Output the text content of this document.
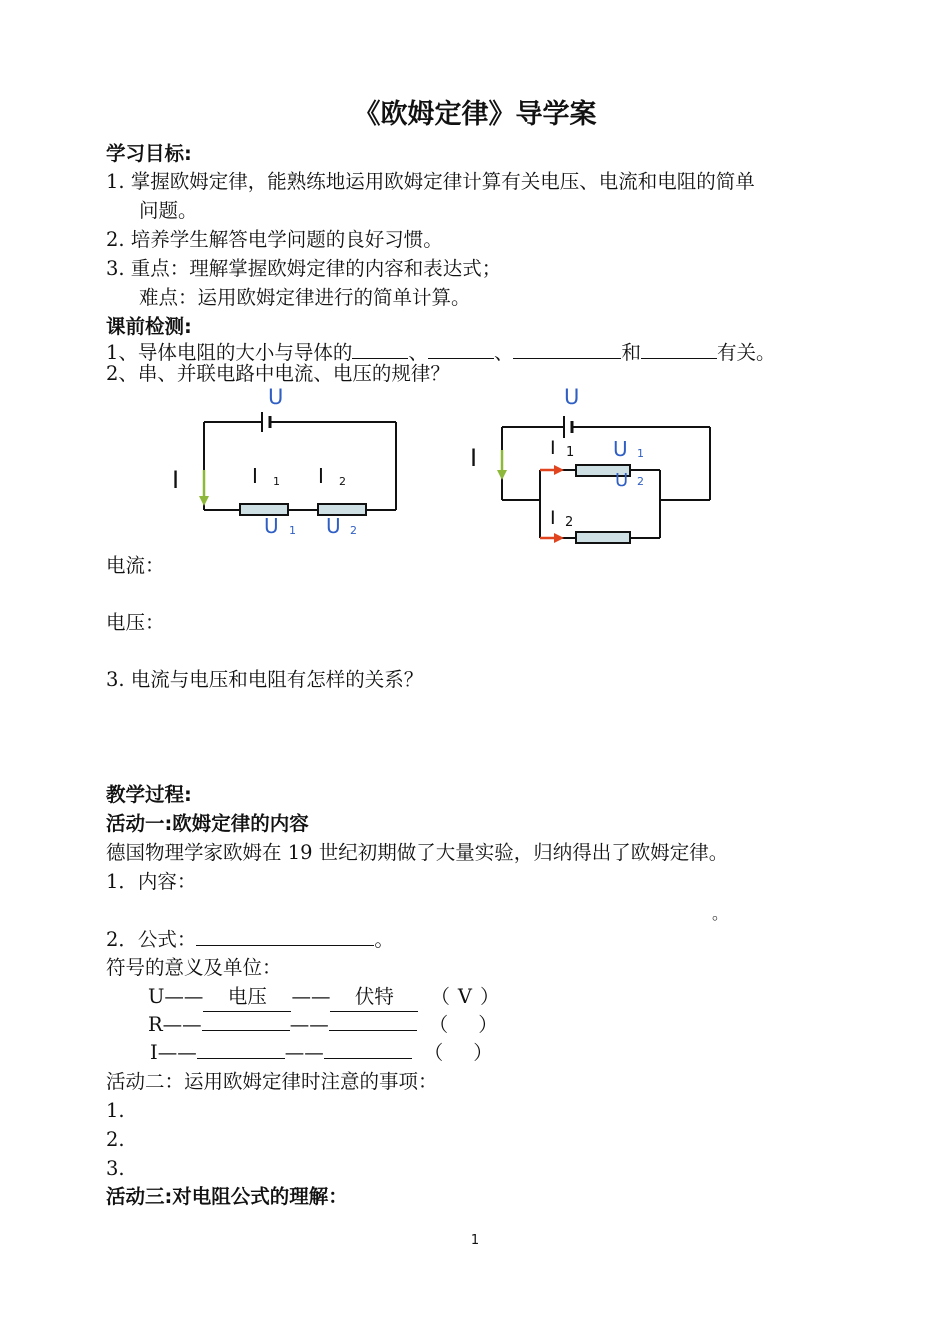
《欧姆定律》导学案
学习目标:
1. 掌握欧姆定律，能熟练地运用欧姆定律计算有关电压、电流和电阻的简单
问题。
2. 培养学生解答电学问题的良好习惯。
3. 重点：理解掌握欧姆定律的内容和表达式；
难点：运用欧姆定律进行的简单计算。
课前检测:
1、导体电阻的大小与导体的	、	、	和	有关。
2、串、并联电路中电流、电压的规律？
U
I	I 1 I 2
U 1 U 2
U
I	I 1
I 2
U 1
U 2
电流：
电压：
3. 电流与电压和电阻有怎样的关系？
教学过程:
活动一:欧姆定律的内容
德国物理学家欧姆在 19 世纪初期做了大量实验，归纳得出了欧姆定律。
1．内容：
。
2．公式：	。
符号的意义及单位：
U—— 电压 —— 伏特 （ V ）
R——	——	（ ）
I——	——	（ ）
活动二：运用欧姆定律时注意的事项：
1.
2.
3.
活动三:对电阻公式的理解：
1
